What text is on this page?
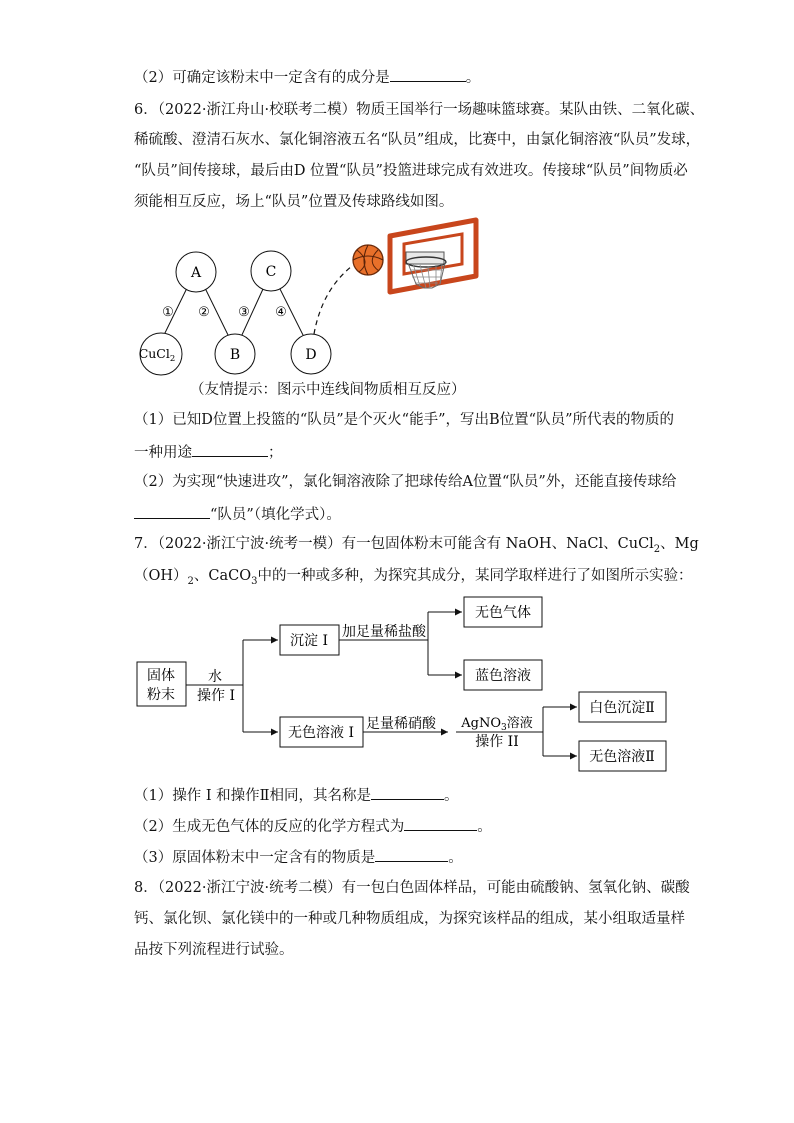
（2）可确定该粉末中一定含有的成分是	。
6．（2022·浙江舟山·校联考二模）物质王国举行一场趣味篮球赛。某队由铁、二氧化碳、
稀硫酸、澄清石灰水、氯化铜溶液五名“队员”组成，比赛中，由氯化铜溶液“队员”发球，
“队员”间传接球，最后由D 位置“队员”投篮进球完成有效进攻。传接球“队员”间物质必
须能相互反应，场上“队员”位置及传球路线如图。
A	C
B	D
CuCl$_2$
① ② ③ ④
（友情提示：图示中连线间物质相互反应）
（1）已知D位置上投篮的“队员”是个灭火“能手”，写出B位置“队员”所代表的物质的
一种用途	；
（2）为实现“快速进攻”，氯化铜溶液除了把球传给A位置“队员”外，还能直接传球给
“队员”（填化学式）。
7．（2022·浙江宁波·统考一模）有一包固体粉末可能含有 NaOH、NaCl、CuCl$_2$、Mg
$(OH)_2$、CaCO$_3$中的一种或多种，为探究其成分，某同学取样进行了如图所示实验：
固体
粉末
水
操作 I
沉淀 I
加足量稀盐酸
无色气体
蓝色溶液
无色溶液 I
足量稀硝酸 AgNO$_3$溶液
操作 II
白色沉淀Ⅱ
无色溶液Ⅱ
（1）操作 I 和操作Ⅱ相同，其名称是	。
（2）生成无色气体的反应的化学方程式为	。
（3）原固体粉末中一定含有的物质是	。
8．（2022·浙江宁波·统考二模）有一包白色固体样品，可能由硫酸钠、氢氧化钠、碳酸
钙、氯化钡、氯化镁中的一种或几种物质组成，为探究该样品的组成，某小组取适量样
品按下列流程进行试验。
